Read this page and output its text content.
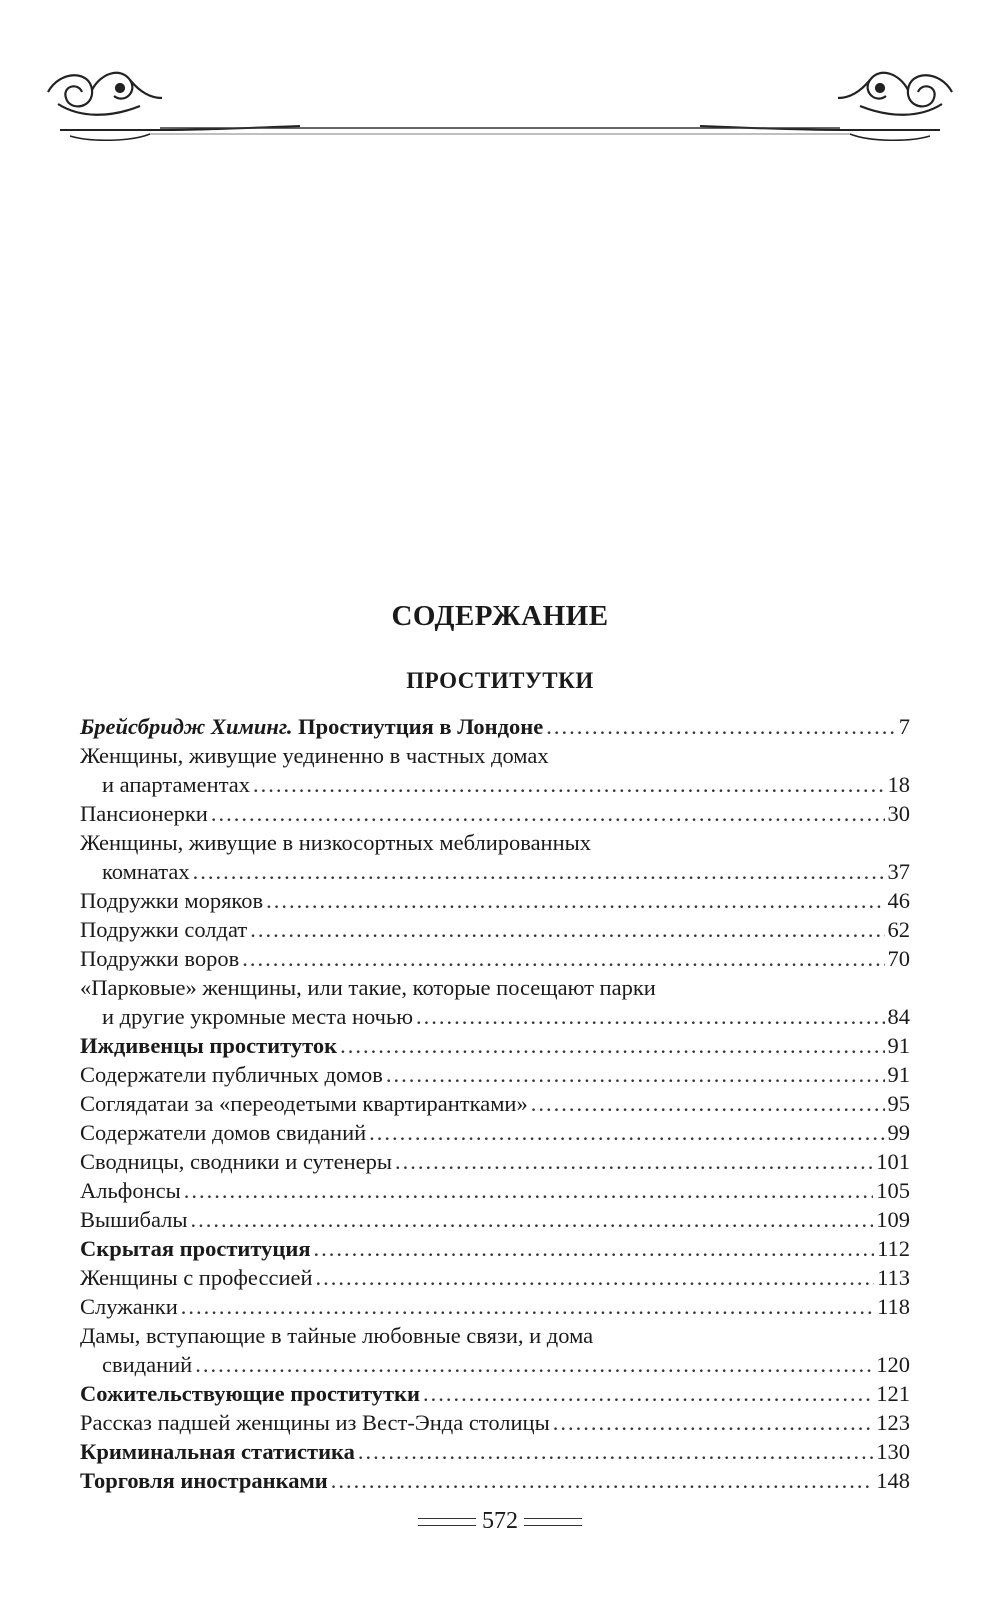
СОДЕРЖАНИЕ
ПРОСТИТУТКИ
Брейсбридж Химинг. Простиутция в Лондоне .....	7
Женщины, живущие уединенно в частных домах
и апартаментах .....	18
Пансионерки .....	30
Женщины, живущие в низкосортных меблированных
комнатах .....	37
Подружки моряков .....	46
Подружки солдат .....	62
Подружки воров .....	70
«Парковые» женщины, или такие, которые посещают парки
и другие укромные места ночью .....	84
Иждивенцы проституток .....	91
Содержатели публичных домов .....	91
Соглядатаи за «переодетыми квартирантками» .....	95
Содержатели домов свиданий .....	99
Сводницы, сводники и сутенеры .....	101
Альфонсы .....	105
Вышибалы .....	109
Скрытая проституция .....	112
Женщины с профессией .....	113
Служанки .....	118
Дамы, вступающие в тайные любовные связи, и дома
свиданий .....	120
Сожительствующие проститутки .....	121
Рассказ падшей женщины из Вест-Энда столицы .....	123
Криминальная статистика .....	130
Торговля иностранками .....	148
572
